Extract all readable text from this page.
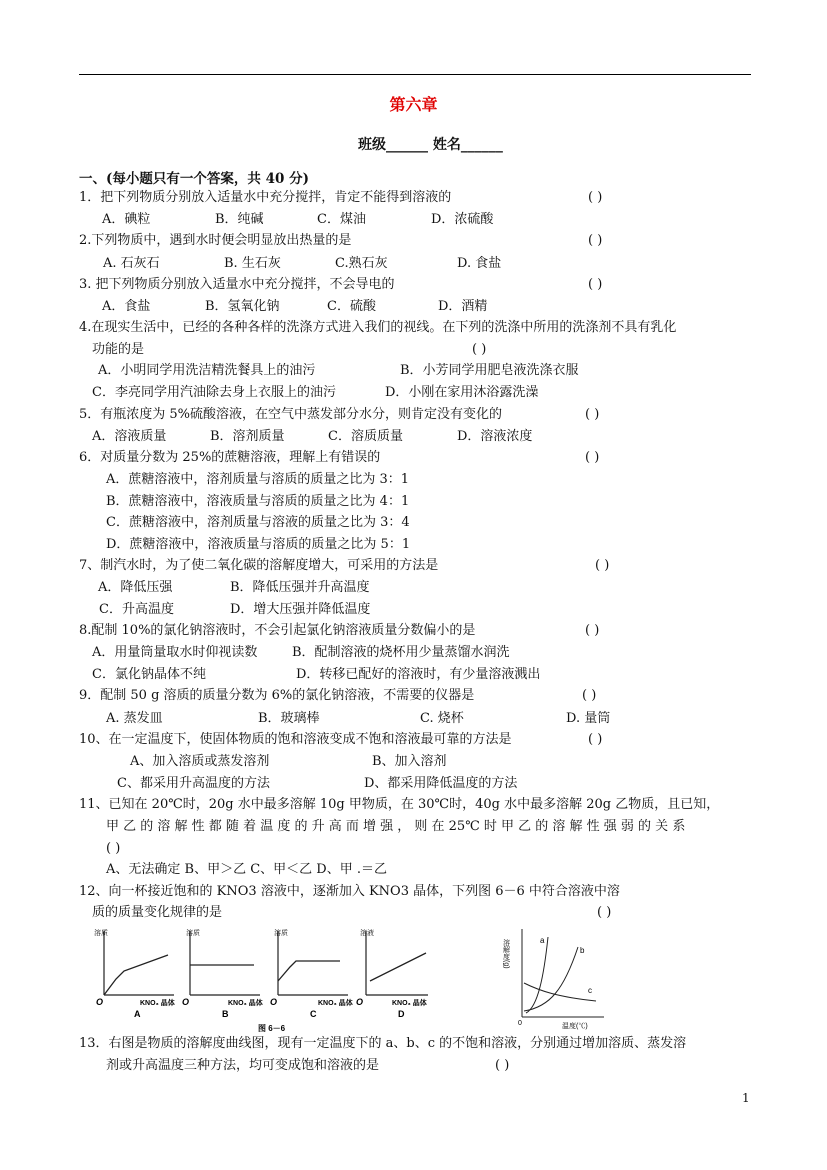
第六章
班级______ 姓名______
一、(每小题只有一个答案，共 40 分)
1．把下列物质分别放入适量水中充分搅拌，肯定不能得到溶液的	( )
A．碘粒	B．纯碱	C．煤油	D．浓硫酸
2.下列物质中，遇到水时便会明显放出热量的是	( )
A. 石灰石	B. 生石灰	C.熟石灰	D. 食盐
3. 把下列物质分别放入适量水中充分搅拌，不会导电的	( )
A．食盐	B．氢氧化钠	C．硫酸	D．酒精
4.在现实生活中，已经的各种各样的洗涤方式进入我们的视线。在下列的洗涤中所用的洗涤剂不具有乳化
功能的是	( )
A．小明同学用洗洁精洗餐具上的油污	B．小芳同学用肥皂液洗涤衣服
C．李亮同学用汽油除去身上衣服上的油污	D．小刚在家用沐浴露洗澡
5．有瓶浓度为 5%硫酸溶液，在空气中蒸发部分水分，则肯定没有变化的	( )
A．溶液质量	B．溶剂质量	C．溶质质量	D．溶液浓度
6．对质量分数为 25%的蔗糖溶液，理解上有错误的	( )
A．蔗糖溶液中，溶剂质量与溶质的质量之比为 3：1
B．蔗糖溶液中，溶液质量与溶质的质量之比为 4：1
C．蔗糖溶液中，溶剂质量与溶液的质量之比为 3：4
D．蔗糖溶液中，溶液质量与溶质的质量之比为 5：1
7、制汽水时，为了使二氧化碳的溶解度增大，可采用的方法是	( )
A．降低压强	B．降低压强并升高温度
C．升高温度	D．增大压强并降低温度
8.配制 10%的氯化钠溶液时，不会引起氯化钠溶液质量分数偏小的是	( )
A．用量筒量取水时仰视读数	B．配制溶液的烧杯用少量蒸馏水润洗
C．氯化钠晶体不纯	D．转移已配好的溶液时，有少量溶液溅出
9．配制 50 g 溶质的质量分数为 6%的氯化钠溶液，不需要的仪器是	( )
A. 蒸发皿	B．玻璃棒	C. 烧杯	D. 量筒
10、在一定温度下，使固体物质的饱和溶液变成不饱和溶液最可靠的方法是	( )
A、加入溶质或蒸发溶剂	B、加入溶剂
C、都采用升高温度的方法	D、都采用降低温度的方法
11、已知在 20℃时，20g 水中最多溶解 10g 甲物质，在 30℃时，40g 水中最多溶解 20g 乙物质，且已知，
甲 乙 的 溶 解 性 都 随 着 温 度 的 升 高 而 增 强 ， 则 在 25℃ 时 甲 乙 的 溶 解 性 强 弱 的 关 系
( )
A、无法确定 B、甲＞乙 C、甲＜乙 D、甲 .＝乙
12、向一杯接近饱和的 KNO3 溶液中，逐渐加入 KNO3 晶体，下列图 6－6 中符合溶液中溶
质的质量变化规律的是	( )
溶质
O	KNO₃ 晶体
A
溶质
O	KNO₃ 晶体
B
溶质
O	KNO₃ 晶体
C
溶液
O	KNO₃ 晶体
D
图 6－6
溶解度(g)
0	温度(℃)
a
b
c
13．右图是物质的溶解度曲线图，现有一定温度下的 a、b、c 的不饱和溶液，分别通过增加溶质、蒸发溶
剂或升高温度三种方法，均可变成饱和溶液的是	( )
1
